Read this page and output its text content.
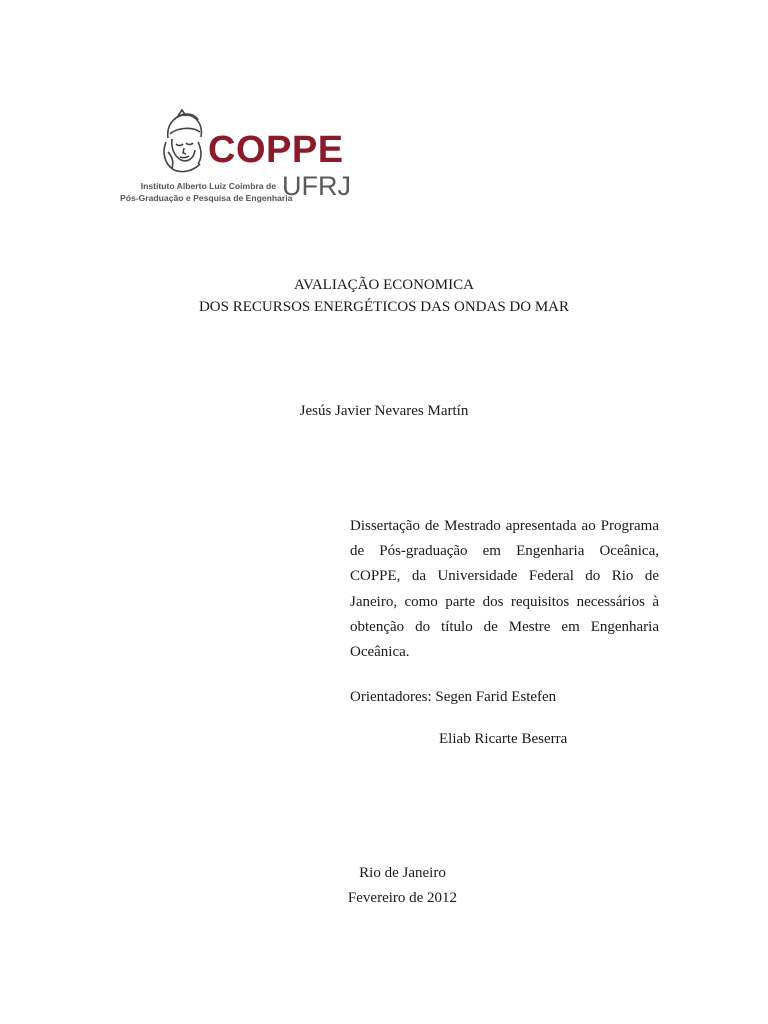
COPPE
UFRJ
Instituto Alberto Luiz Coimbra de
Pós-Graduação e Pesquisa de Engenharia
AVALIAÇÃO ECONOMICA
DOS RECURSOS ENERGÉTICOS DAS ONDAS DO MAR
Jesús Javier Nevares Martín
Dissertação de Mestrado apresentada ao Programa de Pós-graduação em Engenharia Oceânica, COPPE, da Universidade Federal do Rio de Janeiro, como parte dos requisitos necessários à obtenção do título de Mestre em Engenharia Oceânica.
Orientadores: Segen Farid Estefen
Eliab Ricarte Beserra
Rio de Janeiro
Fevereiro de 2012
